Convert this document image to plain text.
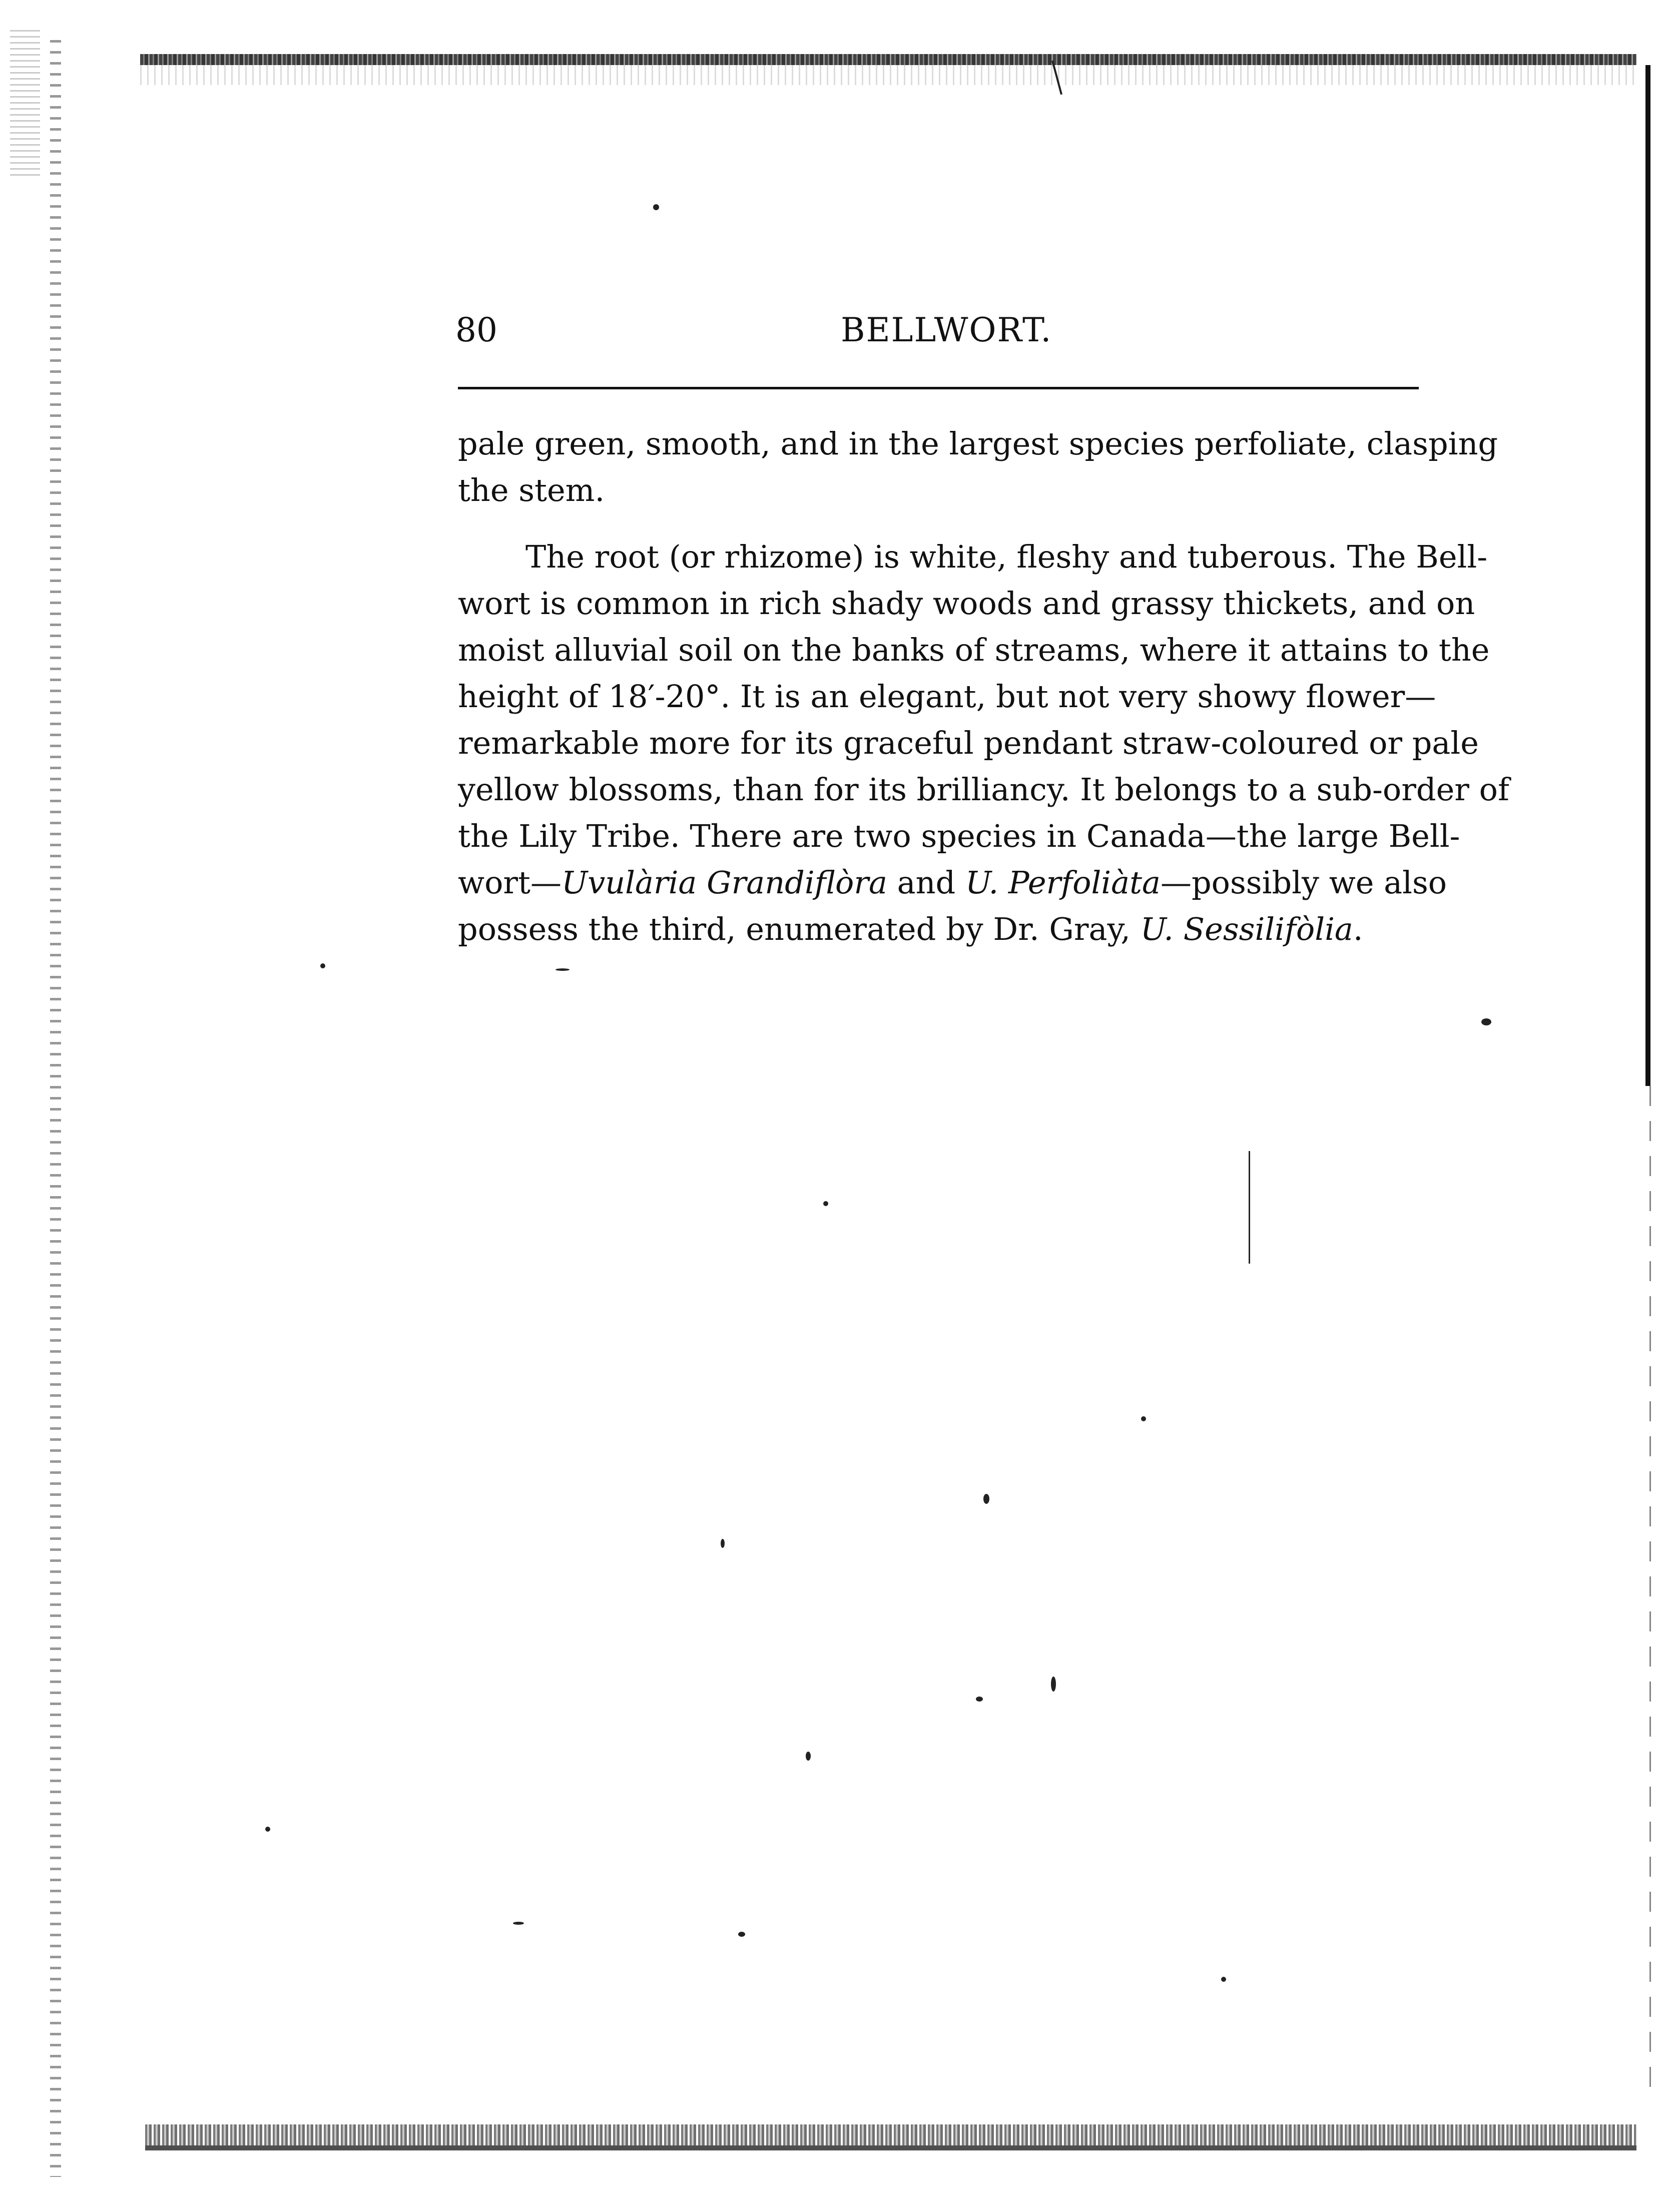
80	BELLWORT.
pale green, smooth, and in the largest species perfoliate, clasping
the stem.
The root (or rhizome) is white, fleshy and tuberous. The Bell-
wort is common in rich shady woods and grassy thickets, and on
moist alluvial soil on the banks of streams, where it attains to the
height of 18′-20°. It is an elegant, but not very showy flower—
remarkable more for its graceful pendant straw-coloured or pale
yellow blossoms, than for its brilliancy. It belongs to a sub-order of
the Lily Tribe. There are two species in Canada—the large Bell-
wort—Uvulària Grandiflòra and U. Perfoliàta—possibly we also
possess the third, enumerated by Dr. Gray, U. Sessilifòlia.
